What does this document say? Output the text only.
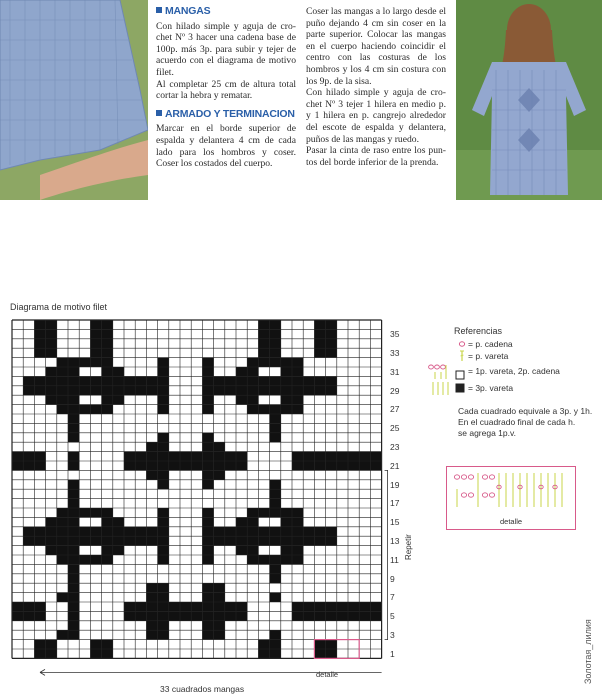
MANGAS

Con hilado simple y aguja de crochet Nº 3 hacer una cadena base de 100p. más 3p. para subir y tejer de acuerdo con el diagrama de motivo filet.

Al completar 25 cm de altura total cortar la hebra y rematar.

ARMADO Y TERMINACION

Marcar en el borde superior de espalda y delantera 4 cm de cada lado para los hombros y coser. Coser los costados del cuerpo.

Coser las mangas a lo largo desde el puño dejando 4 cm sin coser en la parte superior. Colocar las mangas en el cuerpo haciendo coincidir el centro con las costuras de los hombros y los 4 cm sin costura con los 9p. de la sisa.

Con hilado simple y aguja de crochet Nº 3 tejer 1 hilera en medio p. y 1 hilera en p. cangrejo alrededor del escote de espalda y delantera, puños de las mangas y ruedo.

Pasar la cinta de raso entre los puntos del borde inferior de la prenda.

Diagrama de motivo filet
35
33
31
29
27
25
23
21
19
17
15
13
11
9
7
5
3
1
Repetir
33 cuadrados mangas
detalle
Referencias
= p. cadena
= p. vareta
= 1p. vareta, 2p. cadena
= 3p. vareta
Cada cuadrado equivale a 3p. y 1h.
En el cuadrado final de cada h.
se agrega 1p.v.
detalle
Золотая_лилия
